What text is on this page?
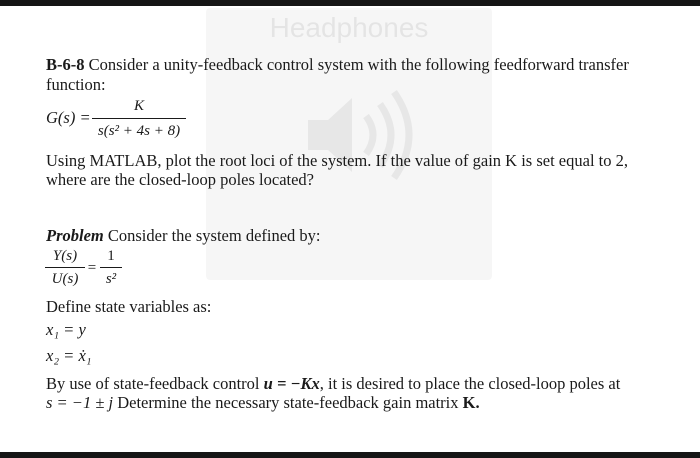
Headphones
B-6-8 Consider a unity-feedback control system with the following feedforward transfer
function:
G(s) =
K
s(s² + 4s + 8)
Using MATLAB, plot the root loci of the system. If the value of gain K is set equal to 2,
where are the closed-loop poles located?
Problem Consider the system defined by:
Y(s)
U(s)
=
1
s²
Define state variables as:
x₁ = y
x₂ = ẋ₁
By use of state-feedback control u = −Kx, it is desired to place the closed-loop poles at
s = −1 ± j Determine the necessary state-feedback gain matrix K.
